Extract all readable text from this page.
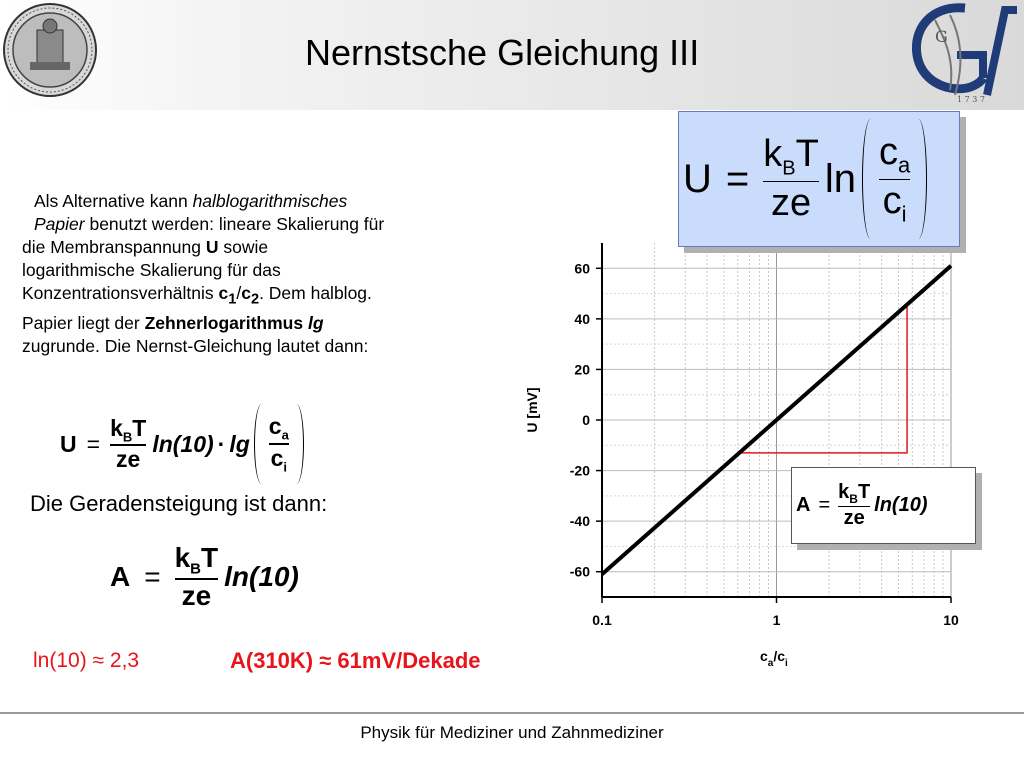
G
1 7 3 7
Nernstsche Gleichung III
Als Alternative kann halblogarithmisches
Papier benutzt werden: lineare Skalierung für
die Membranspannung U sowie
logarithmische Skalierung für das
Konzentrationsverhältnis $c_1/c_2$. Dem halblog.
Papier liegt der Zehnerlogarithmus lg
zugrunde. Die Nernst-Gleichung lautet dann:
$U = \frac{k_BT}{ze} \ln(10) \cdot \lg \frac{c_a}{c_i}$
Die Geradensteigung ist dann:
$A = \frac{k_BT}{ze} \ln(10)$
ln(10) ≈ 2,3	A(310K) ≈ 61mV/Dekade
60
40
20
0
-20
-40
-60
0.1	1	10
U [mV]
$c_a/c_i$
$U = \frac{k_BT}{ze}$ $\ln \frac{c_a}{c_i}$
$A = \frac{k_BT}{ze} \ln(10)$
Physik für Mediziner und Zahnmediziner
